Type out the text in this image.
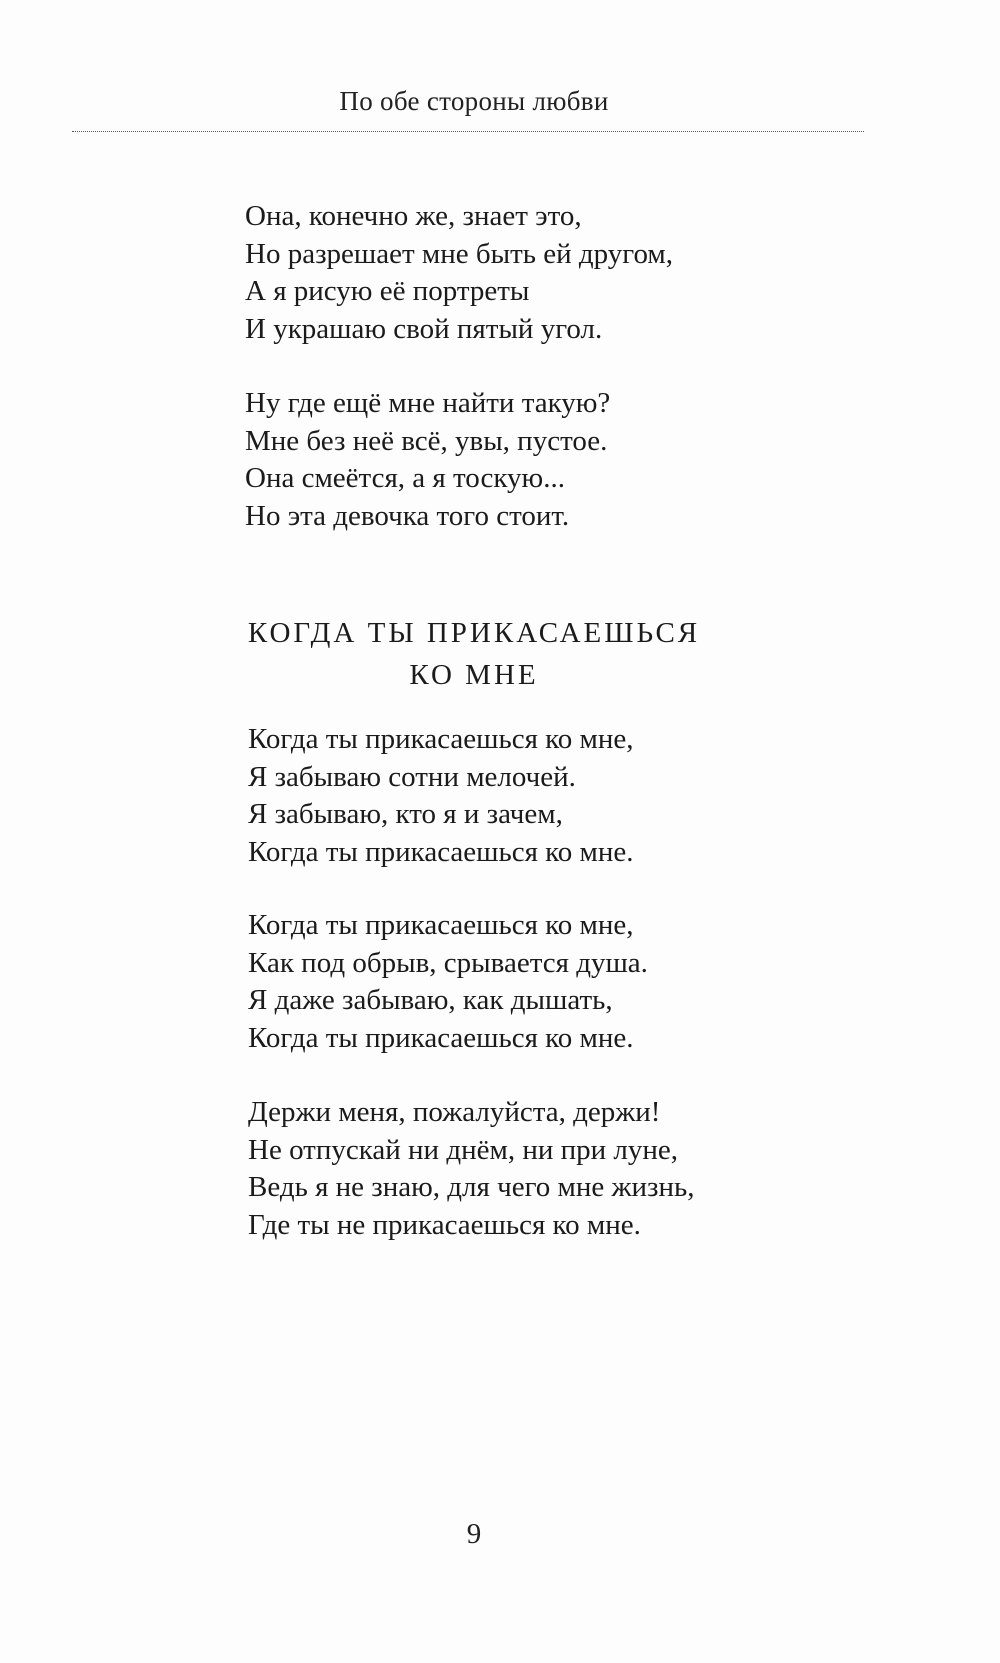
По обе стороны любви
Она, конечно же, знает это,
Но разрешает мне быть ей другом,
А я рисую её портреты
И украшаю свой пятый угол.
Ну где ещё мне найти такую?
Мне без неё всё, увы, пустое.
Она смеётся, а я тоскую...
Но эта девочка того стоит.
КОГДА ТЫ ПРИКАСАЕШЬСЯ
КО МНЕ
Когда ты прикасаешься ко мне,
Я забываю сотни мелочей.
Я забываю, кто я и зачем,
Когда ты прикасаешься ко мне.
Когда ты прикасаешься ко мне,
Как под обрыв, срывается душа.
Я даже забываю, как дышать,
Когда ты прикасаешься ко мне.
Держи меня, пожалуйста, держи!
Не отпускай ни днём, ни при луне,
Ведь я не знаю, для чего мне жизнь,
Где ты не прикасаешься ко мне.
9
